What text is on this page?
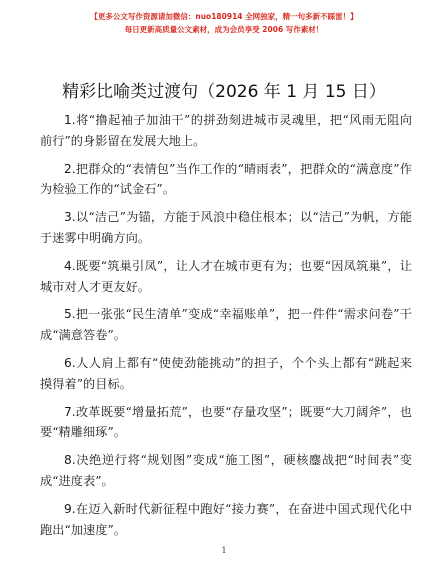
【更多公文写作资源请加微信：nuo180914 全网独家，精一句多新不踩雷！】
每日更新高质量公文素材，成为会员享受 2006 写作素材！
精彩比喻类过渡句（2026 年 1 月 15 日）

1.将“撸起袖子加油干”的拼劲刻进城市灵魂里，把“风雨无阻向前行”的身影留在发展大地上。

2.把群众的“表情包”当作工作的“晴雨表”，把群众的“满意度”作为检验工作的“试金石”。

3.以“洁己”为锚，方能于风浪中稳住根本；以“洁己”为帆，方能于迷雾中明确方向。

4.既要“筑巢引凤”，让人才在城市更有为；也要“因凤筑巢”，让城市对人才更友好。

5.把一张张“民生清单”变成“幸福账单”，把一件件“需求问卷”干成“满意答卷”。

6.人人肩上都有“使使劲能挑动”的担子，个个头上都有“跳起来摸得着”的目标。

7.改革既要“增量拓荒”，也要“存量攻坚”；既要“大刀阔斧”，也要“精雕细琢”。

8.决绝逆行将“规划图”变成“施工图”，硬核鏖战把“时间表”变成“进度表”。

9.在迈入新时代新征程中跑好“接力赛”，在奋进中国式现代化中跑出“加速度”。

1
